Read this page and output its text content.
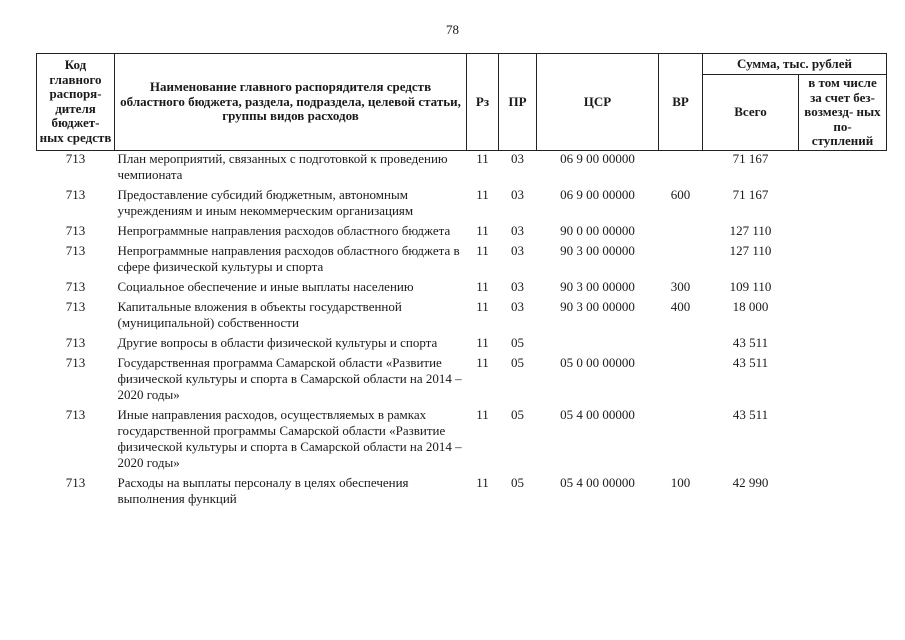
78
Код главного распоря- дителя бюджет- ных средств	Наименование главного распорядителя средств областного бюджета, раздела, подраздела, целевой статьи, группы видов расходов	Рз	ПР	ЦСР	ВР	Сумма, тыс. рублей	
						Всего	в том числе за счет без- возмезд- ных по- ступлений
713	План мероприятий, связанных с подготовкой к проведению чемпионата	11	03	06 9 00 00000		71 167	
713	Предоставление субсидий бюджетным, автономным учреждениям и иным некоммерческим организациям	11	03	06 9 00 00000	600	71 167	
713	Непрограммные направления расходов областного бюджета	11	03	90 0 00 00000		127 110	
713	Непрограммные направления расходов областного бюджета в сфере физической культуры и спорта	11	03	90 3 00 00000		127 110	
713	Социальное обеспечение и иные выплаты населению	11	03	90 3 00 00000	300	109 110	
713	Капитальные вложения в объекты государственной (муниципальной) собственности	11	03	90 3 00 00000	400	18 000	
713	Другие вопросы в области физической культуры и спорта	11	05			43 511	
713	Государственная программа Самарской области «Развитие физической культуры и спорта в Самарской области на 2014 – 2020 годы»	11	05	05 0 00 00000		43 511	
713	Иные направления расходов, осуществляемых в рамках государственной программы Самарской области «Развитие физической культуры и спорта в Самарской области на 2014 – 2020 годы»	11	05	05 4 00 00000		43 511	
713	Расходы на выплаты персоналу в целях обеспечения выполнения функций	11	05	05 4 00 00000	100	42 990	
